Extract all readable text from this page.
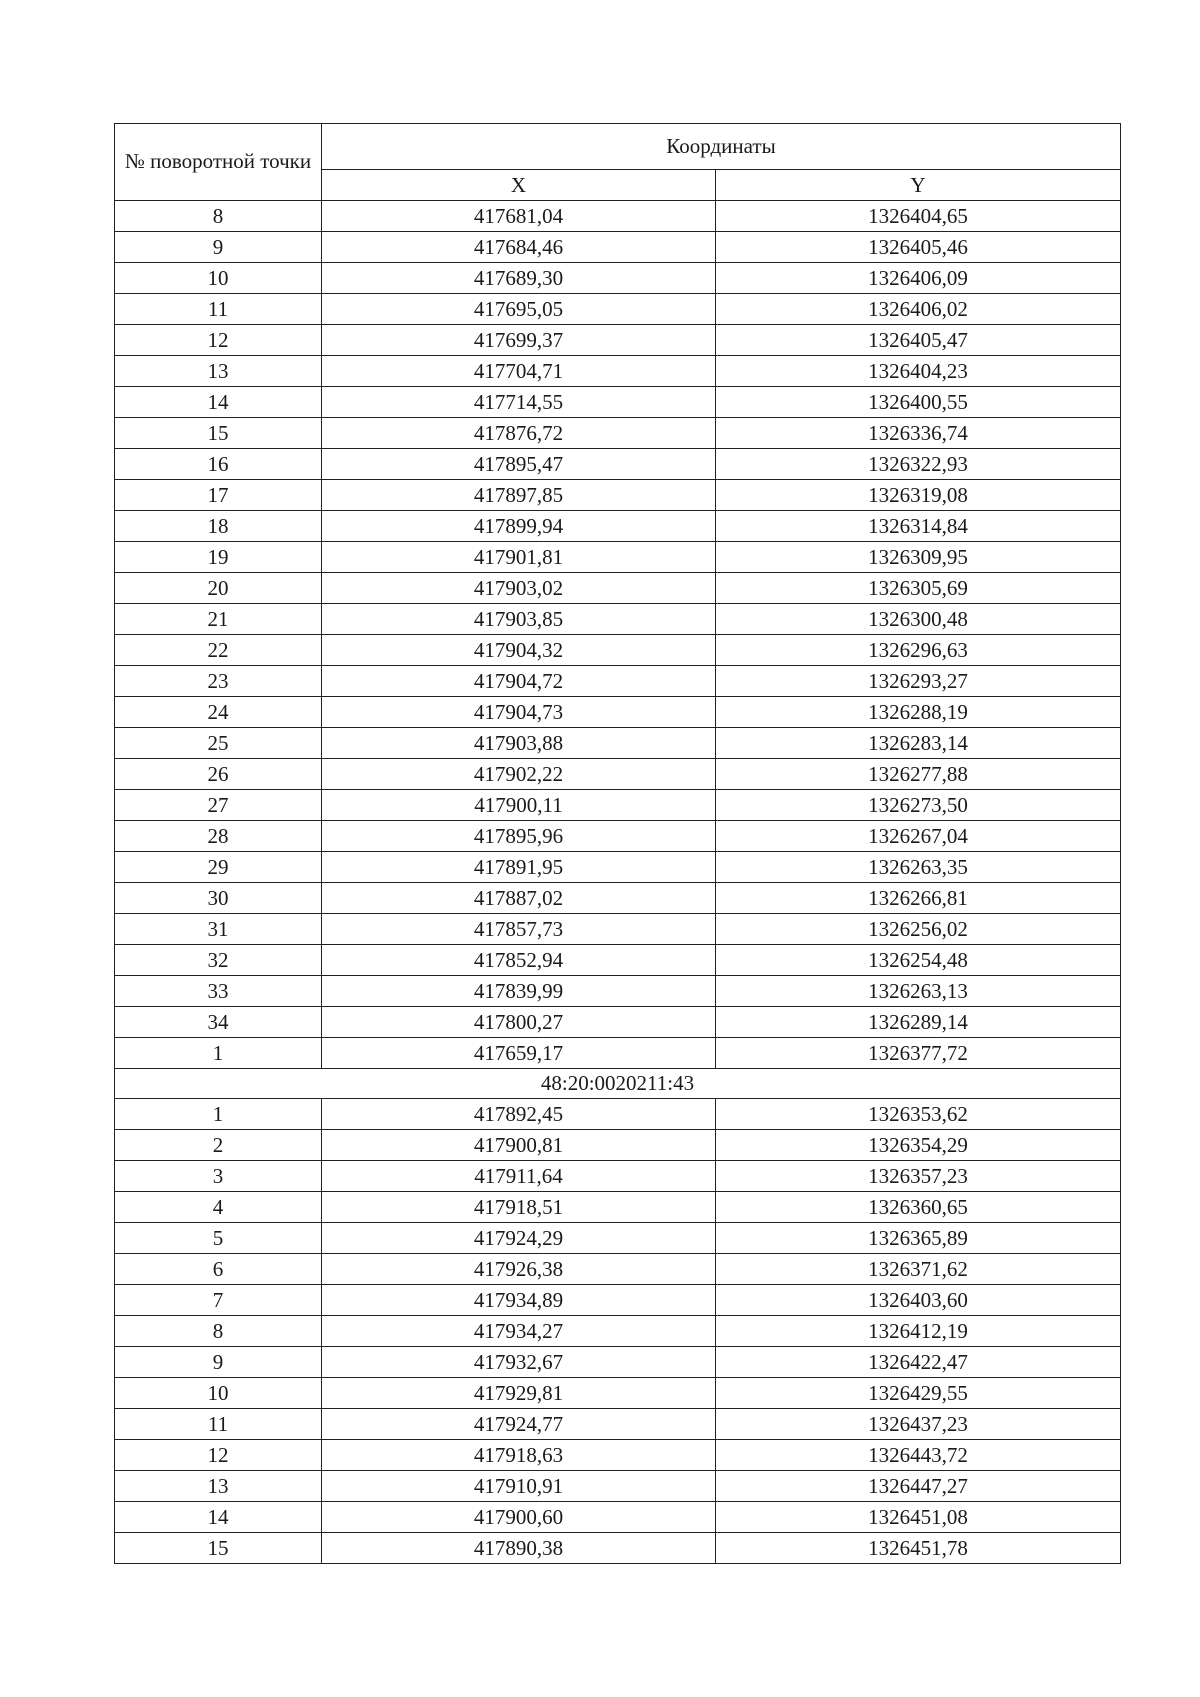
№ поворотной точки	Координаты	
	X	Y
8	417681,04	1326404,65
9	417684,46	1326405,46
10	417689,30	1326406,09
11	417695,05	1326406,02
12	417699,37	1326405,47
13	417704,71	1326404,23
14	417714,55	1326400,55
15	417876,72	1326336,74
16	417895,47	1326322,93
17	417897,85	1326319,08
18	417899,94	1326314,84
19	417901,81	1326309,95
20	417903,02	1326305,69
21	417903,85	1326300,48
22	417904,32	1326296,63
23	417904,72	1326293,27
24	417904,73	1326288,19
25	417903,88	1326283,14
26	417902,22	1326277,88
27	417900,11	1326273,50
28	417895,96	1326267,04
29	417891,95	1326263,35
30	417887,02	1326266,81
31	417857,73	1326256,02
32	417852,94	1326254,48
33	417839,99	1326263,13
34	417800,27	1326289,14
1	417659,17	1326377,72
48:20:0020211:43		
1	417892,45	1326353,62
2	417900,81	1326354,29
3	417911,64	1326357,23
4	417918,51	1326360,65
5	417924,29	1326365,89
6	417926,38	1326371,62
7	417934,89	1326403,60
8	417934,27	1326412,19
9	417932,67	1326422,47
10	417929,81	1326429,55
11	417924,77	1326437,23
12	417918,63	1326443,72
13	417910,91	1326447,27
14	417900,60	1326451,08
15	417890,38	1326451,78
